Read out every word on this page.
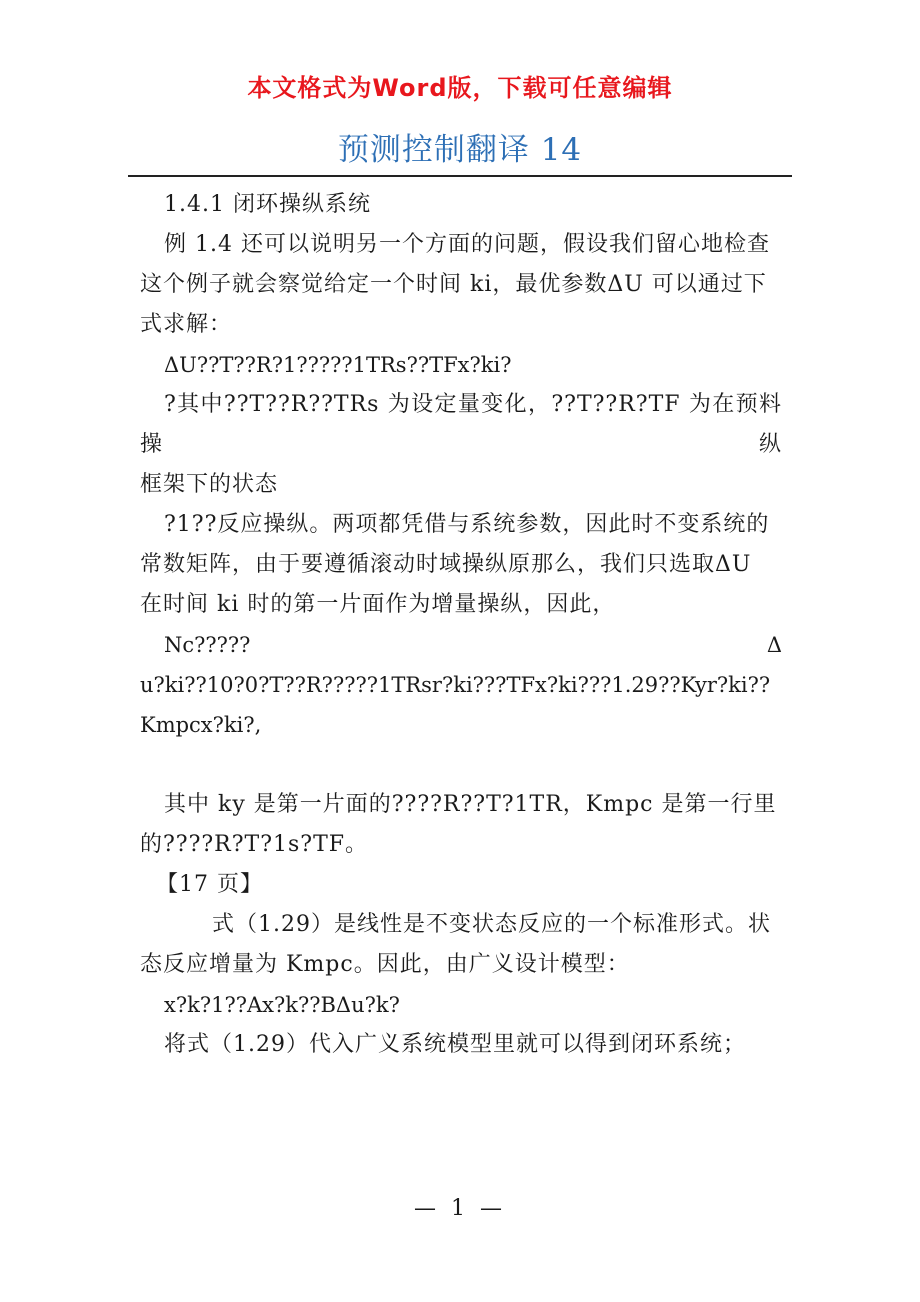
本文格式为Word版，下载可任意编辑
预测控制翻译 14

1.4.1 闭环操纵系统

例 1.4 还可以说明另一个方面的问题，假设我们留心地检查这个例子就会察觉给定一个时间 ki，最优参数ΔU 可以通过下式求解：

ΔU??T??R?1?????1TRs??TFx?ki?

?其中??T??R??TRs 为设定量变化，??T??R?TF 为在预料操纵

框架下的状态

?1??反应操纵。两项都凭借与系统参数，因此时不变系统的常数矩阵，由于要遵循滚动时域操纵原那么，我们只选取ΔU 在时间 ki 时的第一片面作为增量操纵，因此，

Nc?????	Δ

u?ki??10?0?T??R?????1TRsr?ki???TFx?ki???1.29??Kyr?ki??Kmpcx?ki?,

其中 ky 是第一片面的????R??T?1TR，Kmpc 是第一行里的????R?T?1s?TF。

【17 页】

式（1.29）是线性是不变状态反应的一个标准形式。状态反应增量为 Kmpc。因此，由广义设计模型：

x?k?1??Ax?k??BΔu?k?

将式（1.29）代入广义系统模型里就可以得到闭环系统；

— 1 —
